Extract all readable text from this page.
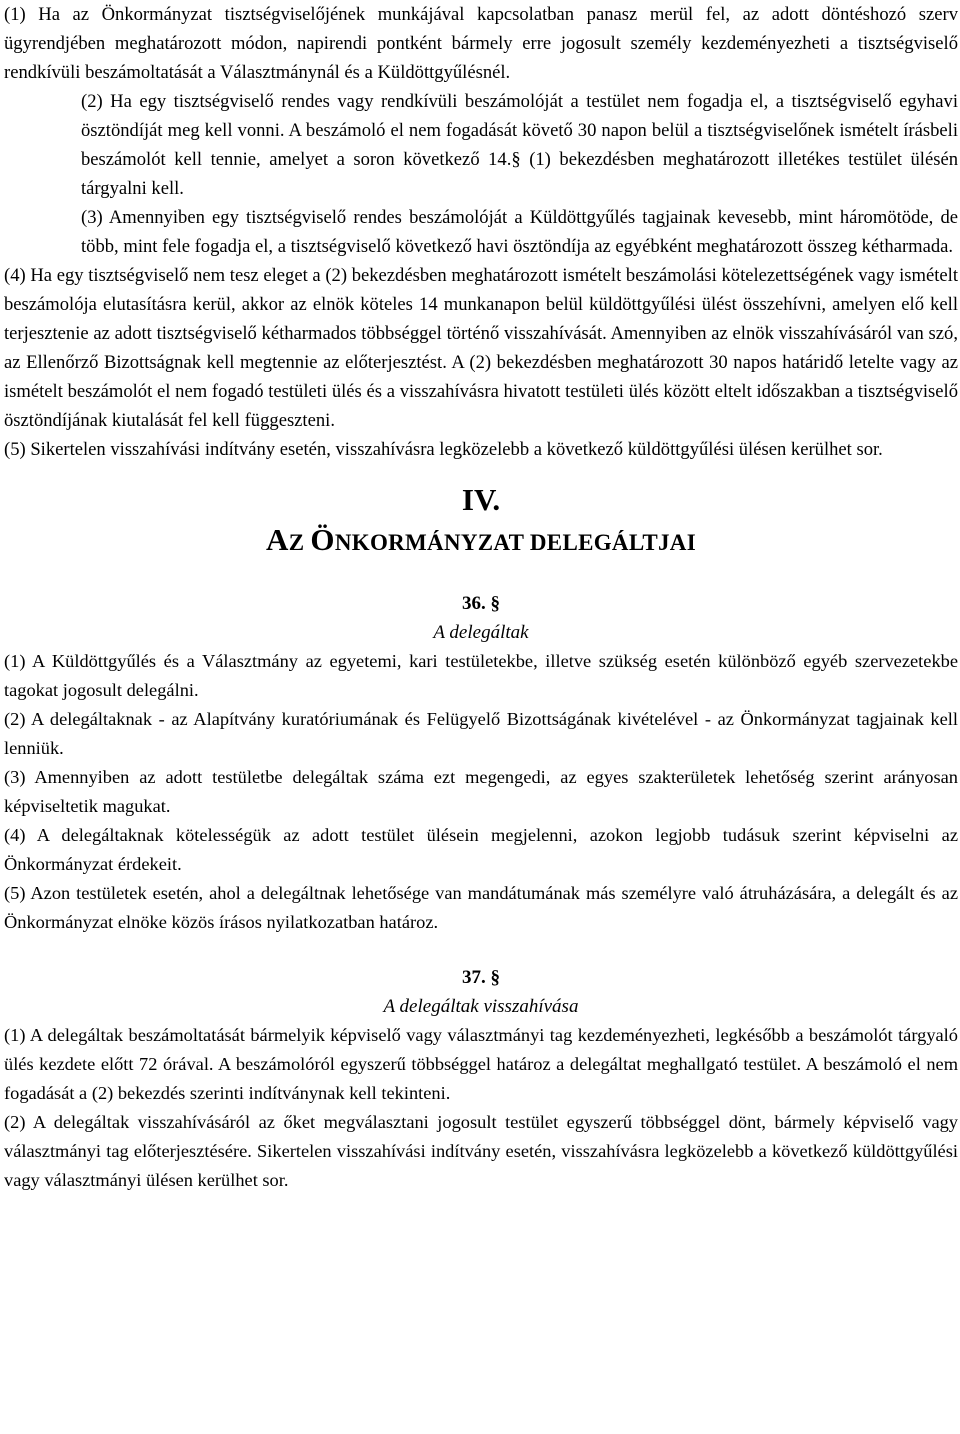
(1) Ha az Önkormányzat tisztségviselőjének munkájával kapcsolatban panasz merül fel, az adott döntéshozó szerv ügyrendjében meghatározott módon, napirendi pontként bármely erre jogosult személy kezdeményezheti a tisztségviselő rendkívüli beszámoltatását a Választmánynál és a Küldöttgyűlésnél.

(2) Ha egy tisztségviselő rendes vagy rendkívüli beszámolóját a testület nem fogadja el, a tisztségviselő egyhavi ösztöndíját meg kell vonni. A beszámoló el nem fogadását követő 30 napon belül a tisztségviselőnek ismételt írásbeli beszámolót kell tennie, amelyet a soron következő 14.§ (1) bekezdésben meghatározott illetékes testület ülésén tárgyalni kell.

(3) Amennyiben egy tisztségviselő rendes beszámolóját a Küldöttgyűlés tagjainak kevesebb, mint háromötöde, de több, mint fele fogadja el, a tisztségviselő következő havi ösztöndíja az egyébként meghatározott összeg kétharmada.

(4) Ha egy tisztségviselő nem tesz eleget a (2) bekezdésben meghatározott ismételt beszámolási kötelezettségének vagy ismételt beszámolója elutasításra kerül, akkor az elnök köteles 14 munkanapon belül küldöttgyűlési ülést összehívni, amelyen elő kell terjesztenie az adott tisztségviselő kétharmados többséggel történő visszahívását. Amennyiben az elnök visszahívásáról van szó, az Ellenőrző Bizottságnak kell megtennie az előterjesztést. A (2) bekezdésben meghatározott 30 napos határidő letelte vagy az ismételt beszámolót el nem fogadó testületi ülés és a visszahívásra hivatott testületi ülés között eltelt időszakban a tisztségviselő ösztöndíjának kiutalását fel kell függeszteni.

(5) Sikertelen visszahívási indítvány esetén, visszahívásra legközelebb a következő küldöttgyűlési ülésen kerülhet sor.

IV.
AZ ÖNKORMÁNYZAT DELEGÁLTJAI
36. §
A delegáltak

(1) A Küldöttgyűlés és a Választmány az egyetemi, kari testületekbe, illetve szükség esetén különböző egyéb szervezetekbe tagokat jogosult delegálni.

(2) A delegáltaknak - az Alapítvány kuratóriumának és Felügyelő Bizottságának kivételével - az Önkormányzat tagjainak kell lenniük.

(3) Amennyiben az adott testületbe delegáltak száma ezt megengedi, az egyes szakterületek lehetőség szerint arányosan képviseltetik magukat.

(4) A delegáltaknak kötelességük az adott testület ülésein megjelenni, azokon legjobb tudásuk szerint képviselni az Önkormányzat érdekeit.

(5) Azon testületek esetén, ahol a delegáltnak lehetősége van mandátumának más személyre való átruházására, a delegált és az Önkormányzat elnöke közös írásos nyilatkozatban határoz.

37. §
A delegáltak visszahívása

(1) A delegáltak beszámoltatását bármelyik képviselő vagy választmányi tag kezdeményezheti, legkésőbb a beszámolót tárgyaló ülés kezdete előtt 72 órával. A beszámolóról egyszerű többséggel határoz a delegáltat meghallgató testület. A beszámoló el nem fogadását a (2) bekezdés szerinti indítványnak kell tekinteni.

(2) A delegáltak visszahívásáról az őket megválasztani jogosult testület egyszerű többséggel dönt, bármely képviselő vagy választmányi tag előterjesztésére. Sikertelen visszahívási indítvány esetén, visszahívásra legközelebb a következő küldöttgyűlési vagy választmányi ülésen kerülhet sor.
